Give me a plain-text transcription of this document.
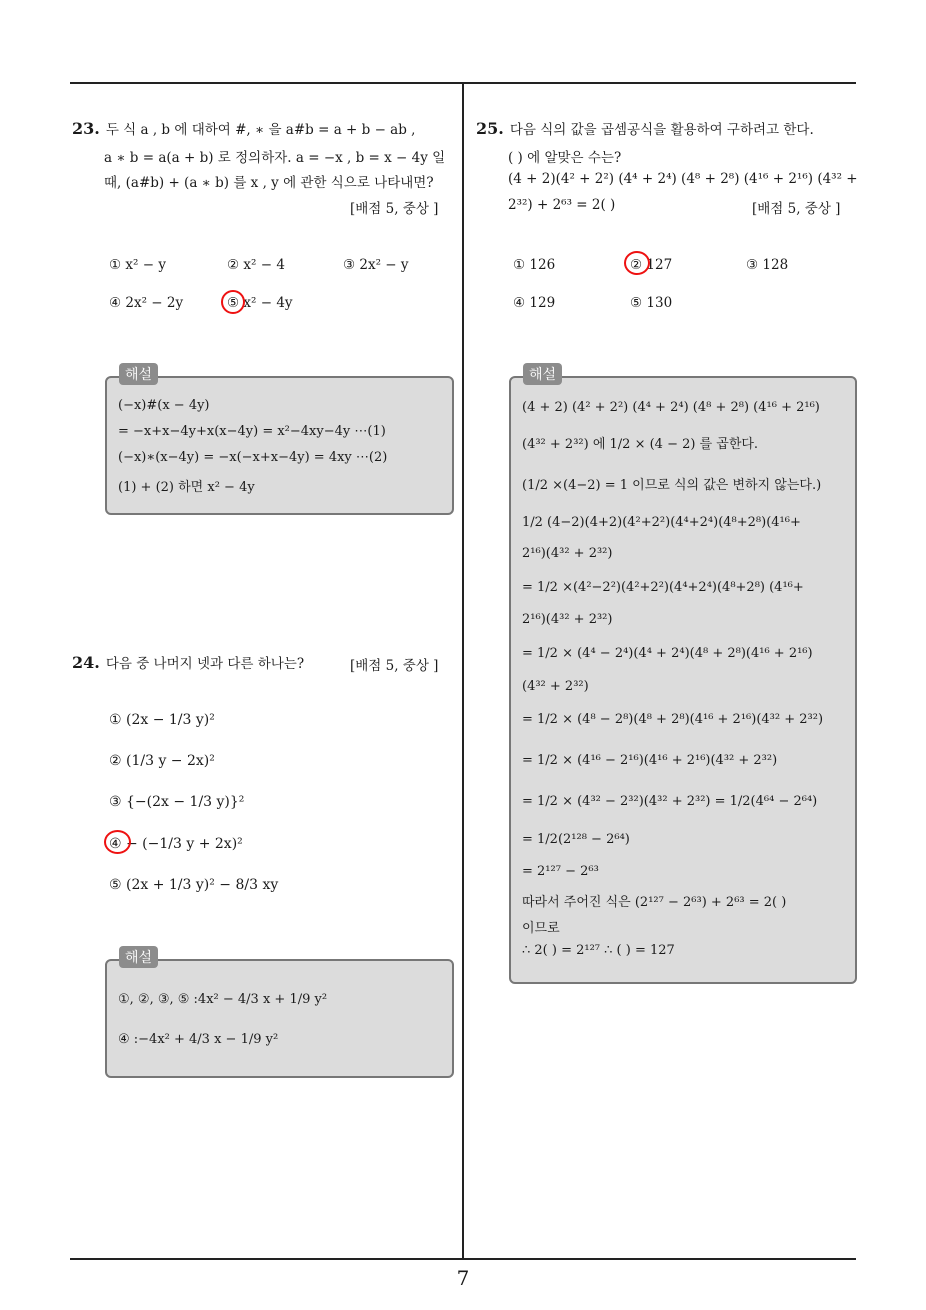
23. 두 식 a , b 에 대하여 #, ∗ 을 a#b = a + b − ab ,
a ∗ b = a(a + b) 로 정의하자. a = −x , b = x − 4y 일
때, (a#b) + (a ∗ b) 를 x , y 에 관한 식으로 나타내면?
[배점 5, 중상 ]
① x² − y	② x² − 4	③ 2x² − y
④ 2x² − 2y	⑤ x² − 4y
해설
(−x)#(x − 4y)
= −x+x−4y+x(x−4y) = x²−4xy−4y ⋯(1)
(−x)∗(x−4y) = −x(−x+x−4y) = 4xy ⋯(2)
(1) + (2) 하면 x² − 4y
24. 다음 중 나머지 넷과 다른 하나는?	[배점 5, 중상 ]
① (2x − 1/3 y)²
② (1/3 y − 2x)²
③ {−(2x − 1/3 y)}²
④ − (−1/3 y + 2x)²
⑤ (2x + 1/3 y)² − 8/3 xy
해설
①, ②, ③, ⑤ :4x² − 4/3 x + 1/9 y²
④ :−4x² + 4/3 x − 1/9 y²
25. 다음 식의 값을 곱셈공식을 활용하여 구하려고 한다.
( ) 에 알맞은 수는?
(4 + 2)(4² + 2²) (4⁴ + 2⁴) (4⁸ + 2⁸) (4¹⁶ + 2¹⁶) (4³² +
2³²) + 2⁶³ = 2( )	[배점 5, 중상 ]
① 126	② 127	③ 128
④ 129	⑤ 130
해설
(4 + 2) (4² + 2²) (4⁴ + 2⁴) (4⁸ + 2⁸) (4¹⁶ + 2¹⁶)
(4³² + 2³²) 에 1/2 × (4 − 2) 를 곱한다.
(1/2 ×(4−2) = 1 이므로 식의 값은 변하지 않는다.)
1/2 (4−2)(4+2)(4²+2²)(4⁴+2⁴)(4⁸+2⁸)(4¹⁶+
2¹⁶)(4³² + 2³²)
= 1/2 ×(4²−2²)(4²+2²)(4⁴+2⁴)(4⁸+2⁸) (4¹⁶+
2¹⁶)(4³² + 2³²)
= 1/2 × (4⁴ − 2⁴)(4⁴ + 2⁴)(4⁸ + 2⁸)(4¹⁶ + 2¹⁶)
(4³² + 2³²)
= 1/2 × (4⁸ − 2⁸)(4⁸ + 2⁸)(4¹⁶ + 2¹⁶)(4³² + 2³²)
= 1/2 × (4¹⁶ − 2¹⁶)(4¹⁶ + 2¹⁶)(4³² + 2³²)
= 1/2 × (4³² − 2³²)(4³² + 2³²) = 1/2(4⁶⁴ − 2⁶⁴)
= 1/2(2¹²⁸ − 2⁶⁴)
= 2¹²⁷ − 2⁶³
따라서 주어진 식은 (2¹²⁷ − 2⁶³) + 2⁶³ = 2( )
이므로
∴ 2( ) = 2¹²⁷ ∴ ( ) = 127
7
